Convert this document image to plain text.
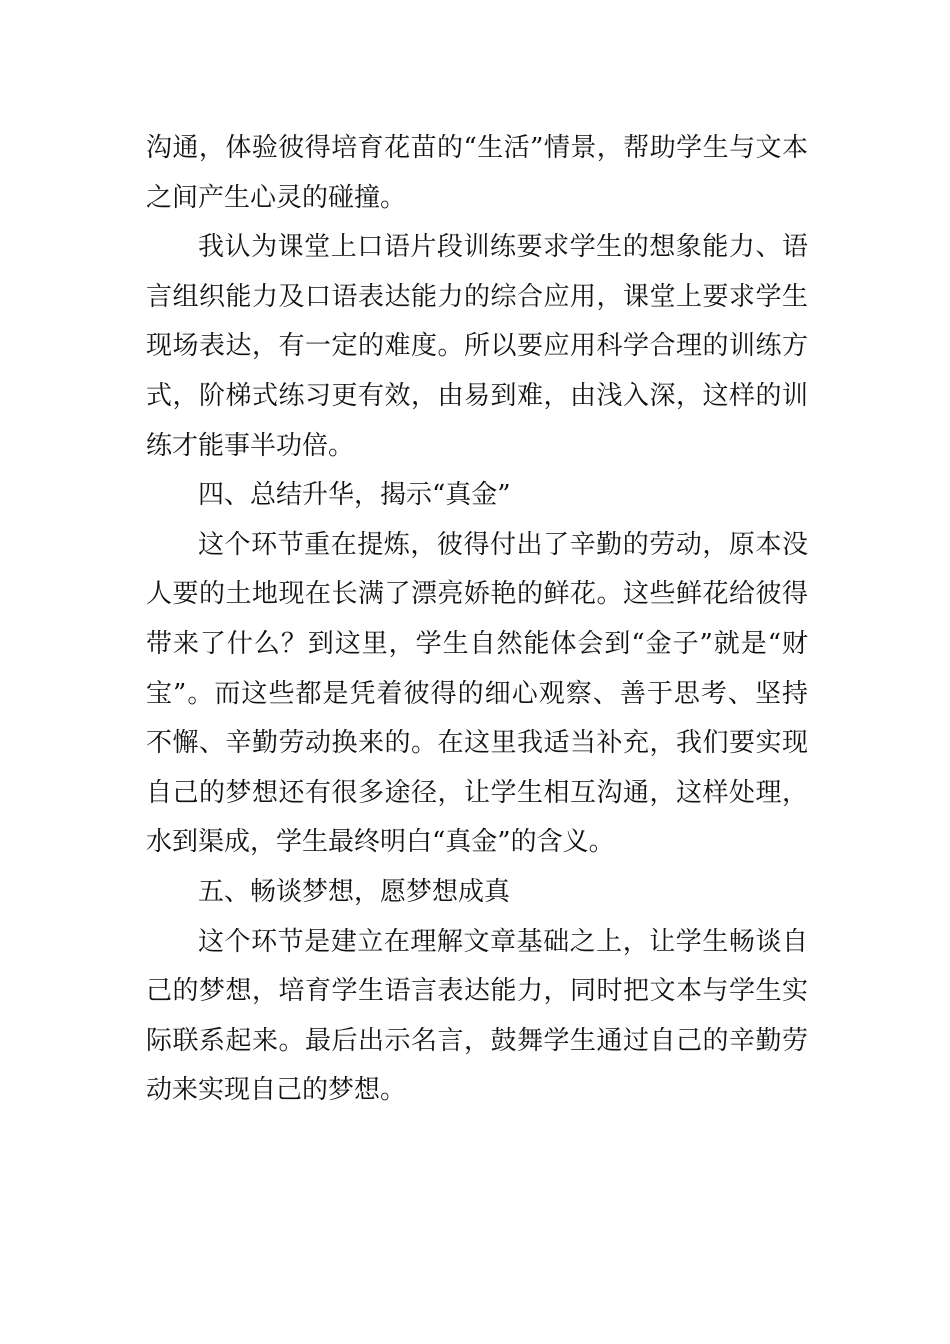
沟通，体验彼得培育花苗的“生活”情景，帮助学生与文本之间产生心灵的碰撞。

我认为课堂上口语片段训练要求学生的想象能力、语言组织能力及口语表达能力的综合应用，课堂上要求学生现场表达，有一定的难度。所以要应用科学合理的训练方式，阶梯式练习更有效，由易到难，由浅入深，这样的训练才能事半功倍。

四、总结升华，揭示“真金”

这个环节重在提炼，彼得付出了辛勤的劳动，原本没人要的土地现在长满了漂亮娇艳的鲜花。这些鲜花给彼得带来了什么？到这里，学生自然能体会到“金子”就是“财宝”。而这些都是凭着彼得的细心观察、善于思考、坚持不懈、辛勤劳动换来的。在这里我适当补充，我们要实现自己的梦想还有很多途径，让学生相互沟通，这样处理，水到渠成，学生最终明白“真金”的含义。

五、畅谈梦想，愿梦想成真

这个环节是建立在理解文章基础之上，让学生畅谈自己的梦想，培育学生语言表达能力，同时把文本与学生实际联系起来。最后出示名言，鼓舞学生通过自己的辛勤劳动来实现自己的梦想。
